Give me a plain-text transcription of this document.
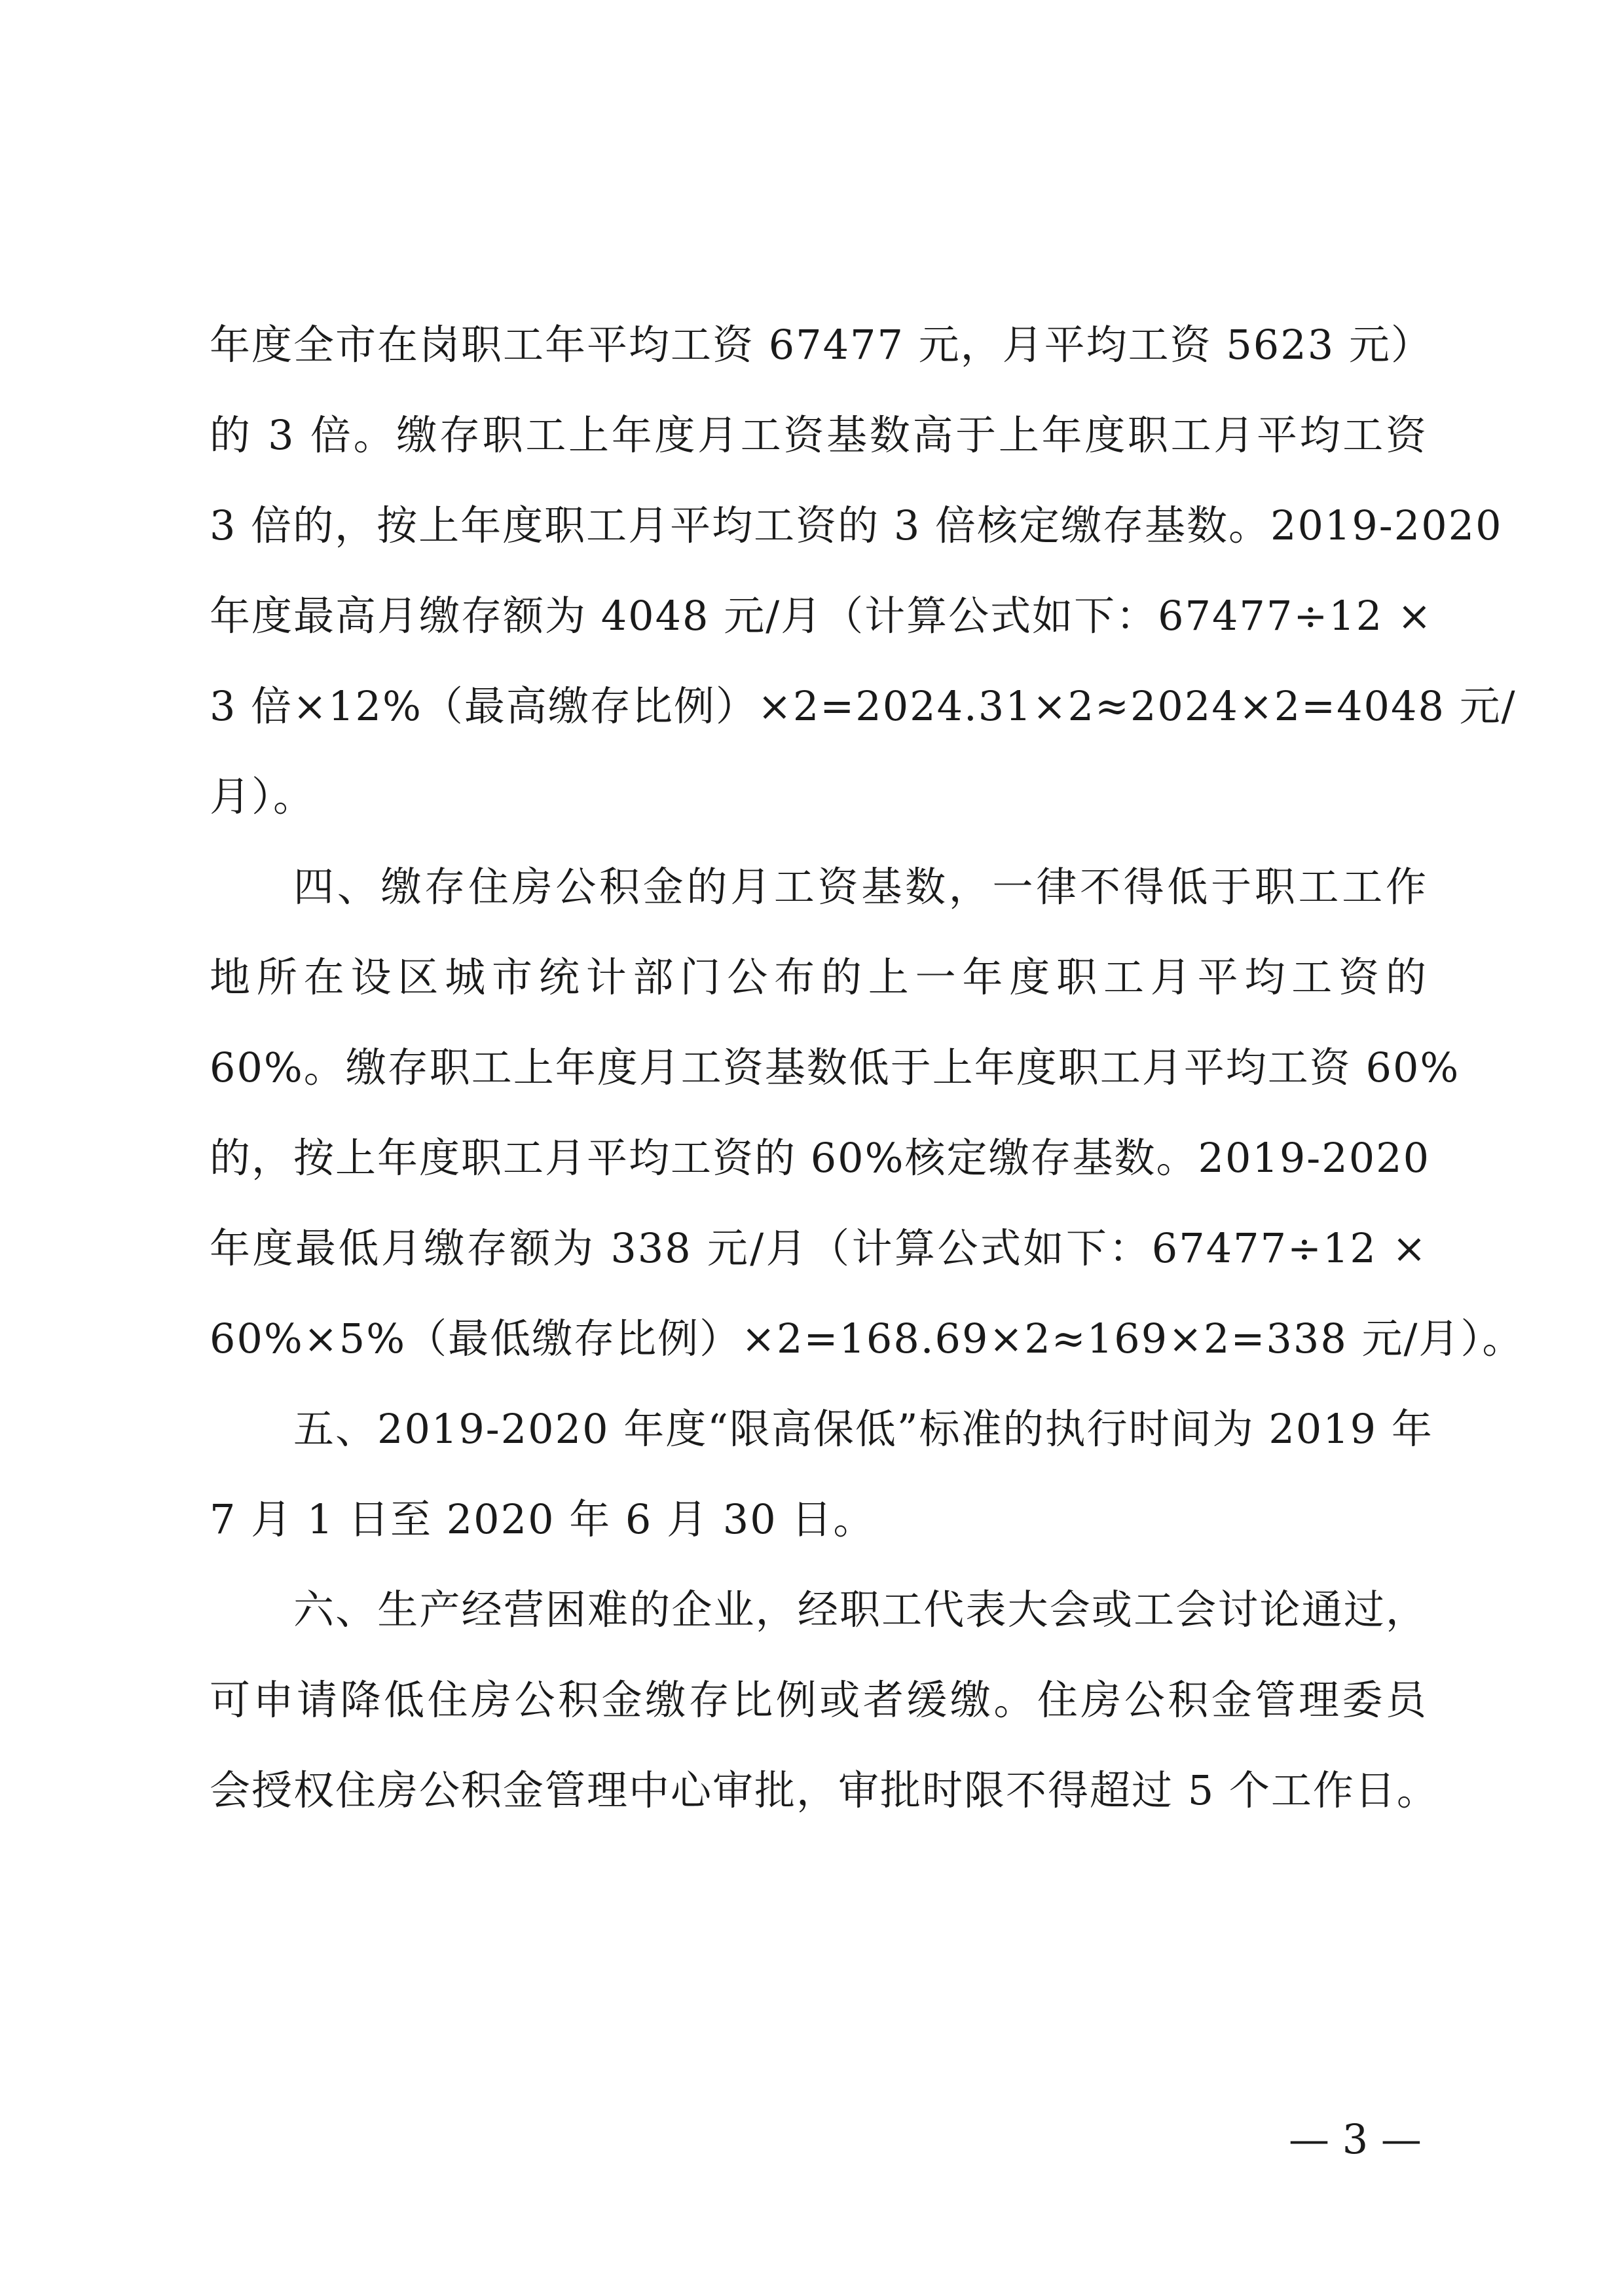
年度全市在岗职工年平均工资 67477 元，月平均工资 5623 元）
的 3 倍。缴存职工上年度月工资基数高于上年度职工月平均工资
3 倍的，按上年度职工月平均工资的 3 倍核定缴存基数。2019-2020
年度最高月缴存额为 4048 元/月（计算公式如下：67477÷12 ×
3 倍×12%（最高缴存比例）×2=2024.31×2≈2024×2=4048 元/
月）。
四、缴存住房公积金的月工资基数，一律不得低于职工工作
地所在设区城市统计部门公布的上一年度职工月平均工资的
60%。缴存职工上年度月工资基数低于上年度职工月平均工资 60%
的，按上年度职工月平均工资的 60%核定缴存基数。2019-2020
年度最低月缴存额为 338 元/月（计算公式如下：67477÷12 ×
60%×5%（最低缴存比例）×2=168.69×2≈169×2=338 元/月）。
五、2019-2020 年度“限高保低”标准的执行时间为 2019 年
7 月 1 日至 2020 年 6 月 30 日。
六、生产经营困难的企业，经职工代表大会或工会讨论通过，
可申请降低住房公积金缴存比例或者缓缴。住房公积金管理委员
会授权住房公积金管理中心审批，审批时限不得超过 5 个工作日。
— 3 —
